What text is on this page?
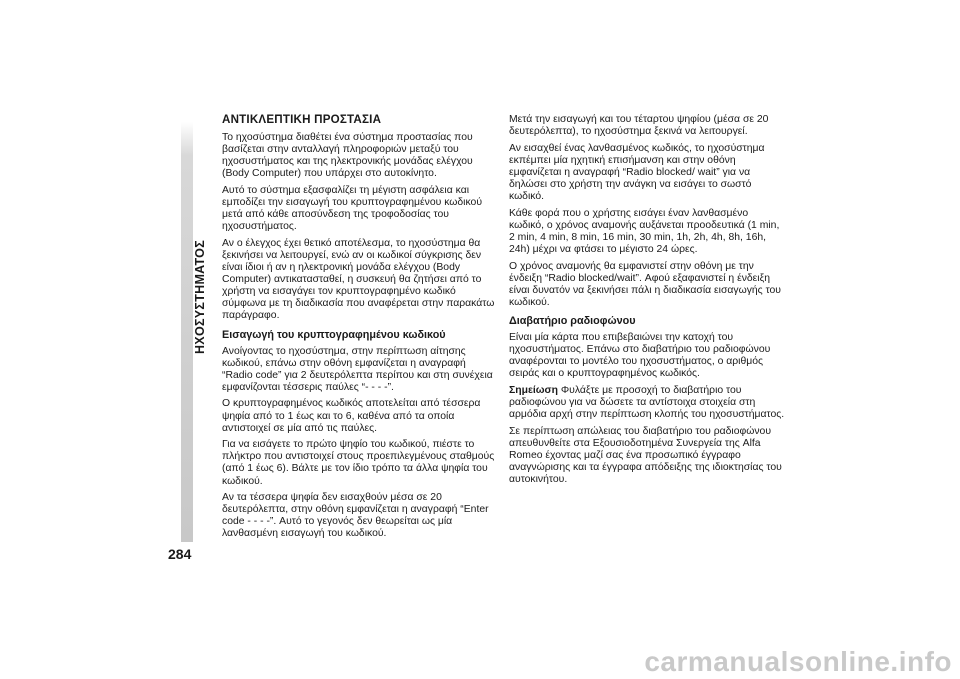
ΗΧΟΣΥΣΤΗΜΑΤΟΣ
284
ΑΝΤΙΚΛΕΠΤΙΚΗ ΠΡΟΣΤΑΣΙΑ

Το ηχοσύστημα διαθέτει ένα σύστημα προστασίας που βασίζεται στην ανταλλαγή πληροφοριών μεταξύ του ηχοσυστήματος και της ηλεκτρονικής μονάδας ελέγχου (Body Computer) που υπάρχει στο αυτοκίνητο.

Αυτό το σύστημα εξασφαλίζει τη μέγιστη ασφάλεια και εμποδίζει την εισαγωγή του κρυπτογραφημένου κωδικού μετά από κάθε αποσύνδεση της τροφοδοσίας του ηχοσυστήματος.

Αν ο έλεγχος έχει θετικό αποτέλεσμα, το ηχοσύστημα θα ξεκινήσει να λειτουργεί, ενώ αν οι κωδικοί σύγκρισης δεν είναι ίδιοι ή αν η ηλεκτρονική μονάδα ελέγχου (Body Computer) αντικατασταθεί, η συσκευή θα ζητήσει από το χρήστη να εισαγάγει τον κρυπτογραφημένο κωδικό σύμφωνα με τη διαδικασία που αναφέρεται στην παρακάτω παράγραφο.

Εισαγωγή του κρυπτογραφημένου κωδικού

Ανοίγοντας το ηχοσύστημα, στην περίπτωση αίτησης κωδικού, επάνω στην οθόνη εμφανίζεται η αναγραφή “Radio code” για 2 δευτερόλεπτα περίπου και στη συνέχεια εμφανίζονται τέσσερις παύλες “- - - -”.

Ο κρυπτογραφημένος κωδικός αποτελείται από τέσσερα ψηφία από το 1 έως και το 6, καθένα από τα οποία αντιστοιχεί σε μία από τις παύλες.

Για να εισάγετε το πρώτο ψηφίο του κωδικού, πιέστε το πλήκτρο που αντιστοιχεί στους προεπιλεγμένους σταθμούς (από 1 έως 6). Βάλτε με τον ίδιο τρόπο τα άλλα ψηφία του κωδικού.

Αν τα τέσσερα ψηφία δεν εισαχθούν μέσα σε 20 δευτερόλεπτα, στην οθόνη εμφανίζεται η αναγραφή “Enter code - - - -”. Αυτό το γεγονός δεν θεωρείται ως μία λανθασμένη εισαγωγή του κωδικού.

Μετά την εισαγωγή και του τέταρτου ψηφίου (μέσα σε 20 δευτερόλεπτα), το ηχοσύστημα ξεκινά να λειτουργεί.

Αν εισαχθεί ένας λανθασμένος κωδικός, το ηχοσύστημα εκπέμπει μία ηχητική επισήμανση και στην οθόνη εμφανίζεται η αναγραφή “Radio blocked/ wait” για να δηλώσει στο χρήστη την ανάγκη να εισάγει το σωστό κωδικό.

Κάθε φορά που ο χρήστης εισάγει έναν λανθασμένο κωδικό, ο χρόνος αναμονής αυξάνεται προοδευτικά (1 min, 2 min, 4 min, 8 min, 16 min, 30 min, 1h, 2h, 4h, 8h, 16h, 24h) μέχρι να φτάσει το μέγιστο 24 ώρες.

Ο χρόνος αναμονής θα εμφανιστεί στην οθόνη με την ένδειξη “Radio blocked/wait”. Αφού εξαφανιστεί η ένδειξη είναι δυνατόν να ξεκινήσει πάλι η διαδικασία εισαγωγής του κωδικού.

Διαβατήριο ραδιοφώνου

Είναι μία κάρτα που επιβεβαιώνει την κατοχή του ηχοσυστήματος. Επάνω στο διαβατήριο του ραδιοφώνου αναφέρονται το μοντέλο του ηχοσυστήματος, ο αριθμός σειράς και ο κρυπτογραφημένος κωδικός.

Σημείωση Φυλάξτε με προσοχή το διαβατήριο του ραδιοφώνου για να δώσετε τα αντίστοιχα στοιχεία στη αρμόδια αρχή στην περίπτωση κλοπής του ηχοσυστήματος.

Σε περίπτωση απώλειας του διαβατήριο του ραδιοφώνου απευθυνθείτε στα Εξουσιοδοτημένα Συνεργεία της Alfa Romeo έχοντας μαζί σας ένα προσωπικό έγγραφο αναγνώρισης και τα έγγραφα απόδειξης της ιδιοκτησίας του αυτοκινήτου.

carmanualsonline.info
